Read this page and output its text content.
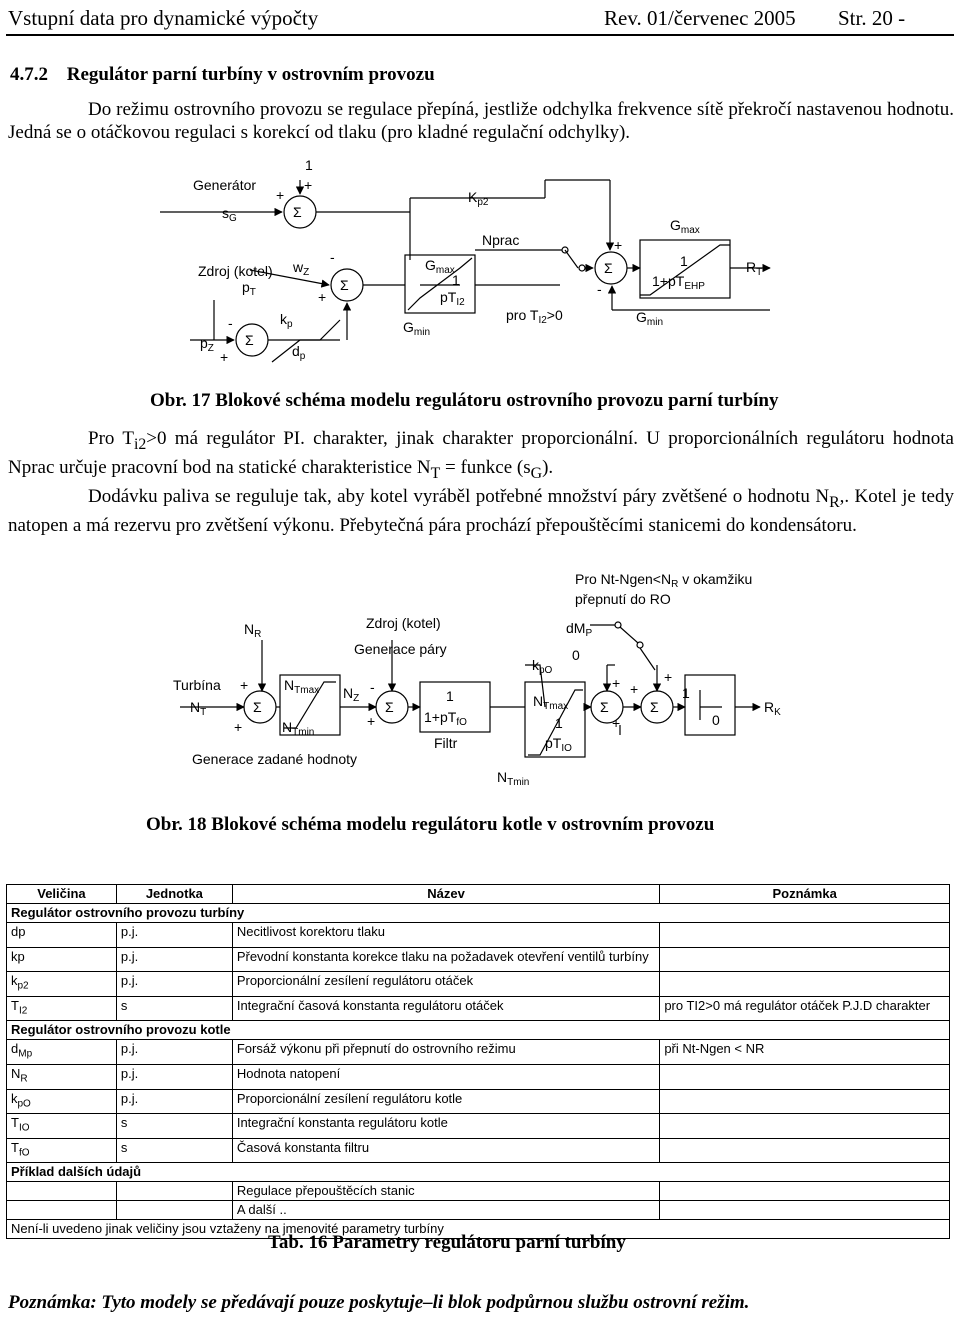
Vstupní data pro dynamické výpočty	Rev. 01/červenec 2005 Str. 20 -
4.7.2 Regulátor parní turbíny v ostrovním provozu
Do režimu ostrovního provozu se regulace přepíná, jestliže odchylka frekvence sítě překročí nastavenou hodnotu. Jedná se o otáčkovou regulaci s korekcí od tlaku (pro kladné regulační odchylky).
Generátor
$s_G$
1
+
+
Σ
Zdroj (kotel)
$p_T$
$w_Z$
-
+
Σ
$k_p$
$d_p$
-
$p_Z$
+
Σ
$K_{p2}$
Nprac
$G_{max}$
1
$pT_{I2}$
$G_{min}$
pro $T_{I2}>0$
+
-
Σ
$G_{max}$
1
$1+pT_{EHP}$
$G_{min}$
$R_T$
Obr. 17 Blokové schéma modelu regulátoru ostrovního provozu parní turbíny
Pro $T_{i2}>0$ má regulátor PI. charakter, jinak charakter proporcionální. U proporcionálních regulátoru hodnota Nprac určuje pracovní bod na statické charakteristice $N_T$ = funkce $(s_G)$.
Dodávku paliva se reguluje tak, aby kotel vyráběl potřebné množství páry zvětšené o hodnotu $N_R$,. Kotel je tedy natopen a má rezervu pro zvětšení výkonu. Přebytečná pára prochází přepouštěcími stanicemi do kondensátoru.
Pro $Nt-Ngen<N_R$ v okamžiku
přepnutí do RO
$N_R$
Zdroj (kotel)
Generace páry
$dM_P$
0
$k_{pO}$
Turbína
$N_T$
+
+
Σ
$N_{Tmax}$
$N_{Tmin}$
$N_Z$
-
+
Σ
1
$1+pT_{fO}$
Filtr
$N_{Tmax}$
1
$pT_{IO}$
$N_{Tmin}$
+ +
+
Σ
+
Σ
1
0
$R_K$
Generace zadané hodnoty
Obr. 18 Blokové schéma modelu regulátoru kotle v ostrovním provozu
Veličina	Jednotka	Název	Poznámka
Regulátor ostrovního provozu turbíny			
dp	p.j.	Necitlivost korektoru tlaku	
kp	p.j.	Převodní konstanta korekce tlaku na požadavek otevření ventilů turbíny	
$k_{p2}$	p.j.	Proporcionální zesílení regulátoru otáček	
$T_{I2}$	s	Integrační časová konstanta regulátoru otáček	pro TI2>0 má regulátor otáček P.J.D charakter
Regulátor ostrovního provozu kotle			
$d_{Mp}$	p.j.	Forsáž výkonu při přepnutí do ostrovního režimu	při Nt-Ngen < NR
$N_R$	p.j.	Hodnota natopení	
$k_{pO}$	p.j.	Proporcionální zesílení regulátoru kotle	
$T_{IO}$	s	Integrační konstanta regulátoru kotle	
$T_{fO}$	s	Časová konstanta filtru	
Příklad dalších údajů			
		Regulace přepouštěcích stanic	
		A další ..	
Není-li uvedeno jinak veličiny jsou vztaženy na jmenovité parametry turbíny			
Tab. 16 Parametry regulátoru parní turbíny
Poznámka: Tyto modely se předávají pouze poskytuje–li blok podpůrnou službu ostrovní režim.
